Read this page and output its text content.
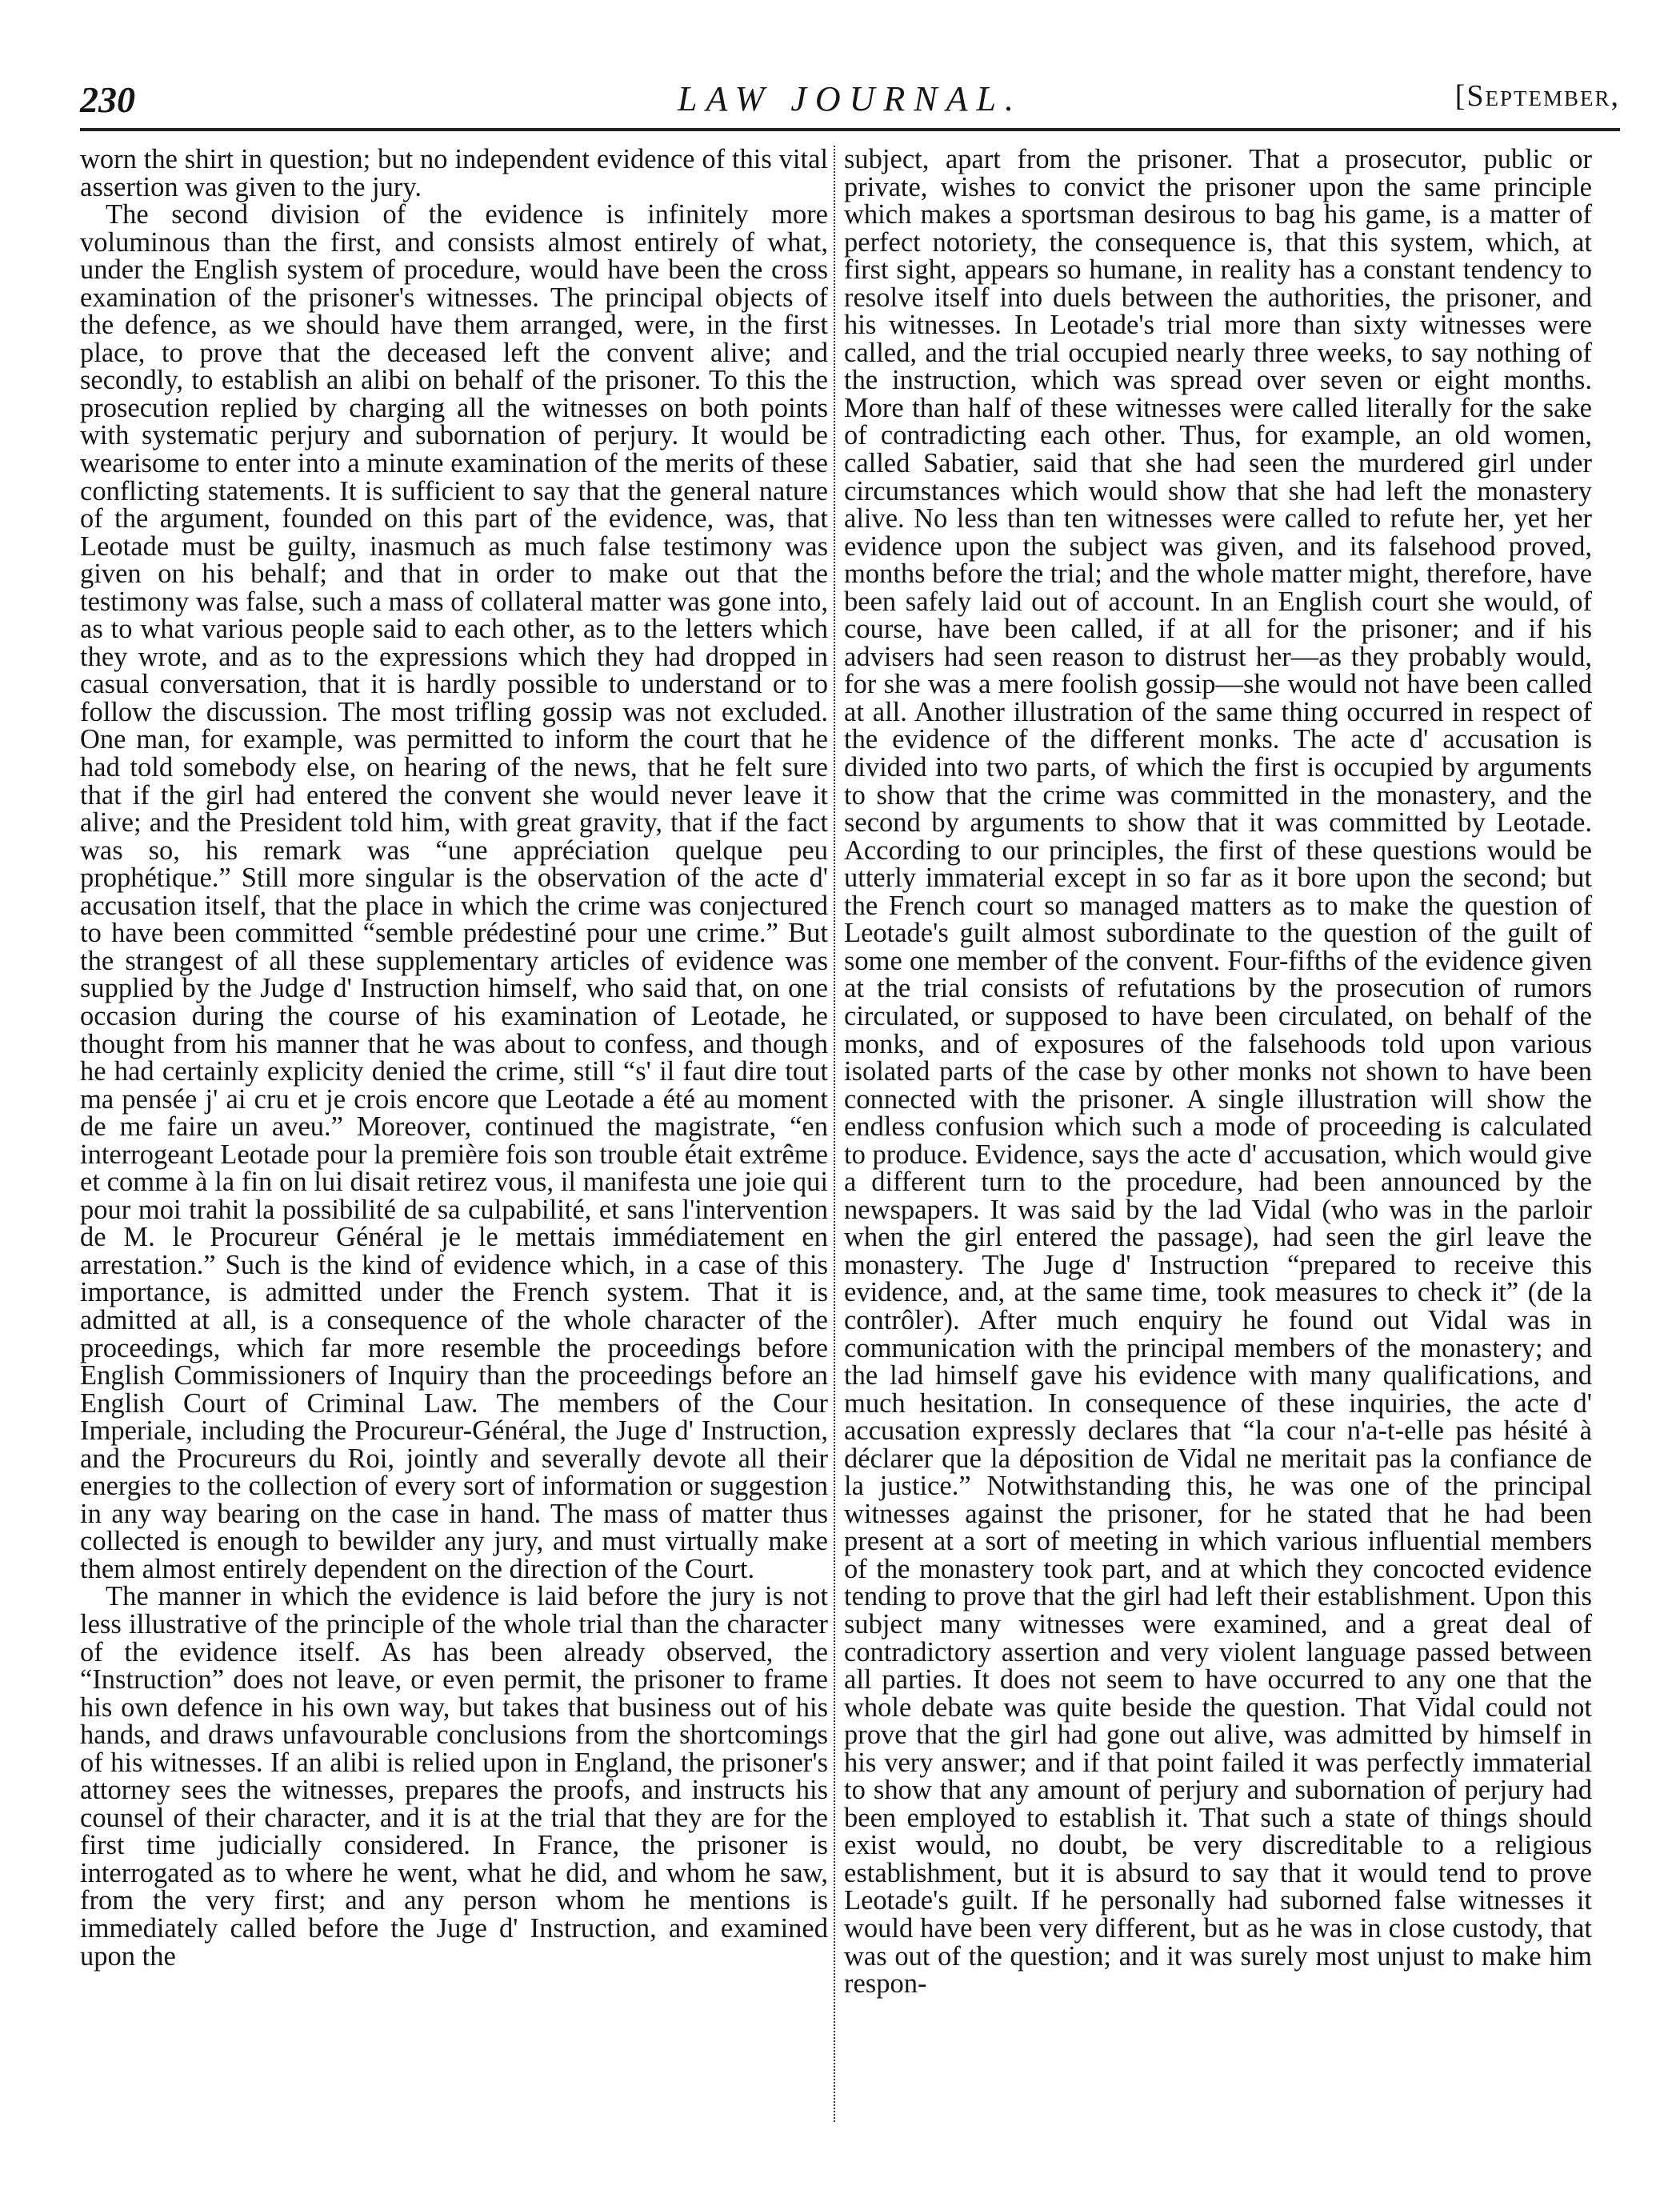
230	LAW JOURNAL.	[September,

worn the shirt in question; but no independent evidence of this vital assertion was given to the jury.

The second division of the evidence is infinitely more voluminous than the first, and consists almost entirely of what, under the English system of procedure, would have been the cross examination of the prisoner's witnesses. The principal objects of the defence, as we should have them arranged, were, in the first place, to prove that the deceased left the convent alive; and secondly, to establish an alibi on behalf of the prisoner. To this the prosecution replied by charging all the witnesses on both points with systematic perjury and subornation of perjury. It would be wearisome to enter into a minute examination of the merits of these conflicting statements. It is sufficient to say that the general nature of the argument, founded on this part of the evidence, was, that Leotade must be guilty, inasmuch as much false testimony was given on his behalf; and that in order to make out that the testimony was false, such a mass of collateral matter was gone into, as to what various people said to each other, as to the letters which they wrote, and as to the expressions which they had dropped in casual conversation, that it is hardly possible to understand or to follow the discussion. The most trifling gossip was not excluded. One man, for example, was permitted to inform the court that he had told somebody else, on hearing of the news, that he felt sure that if the girl had entered the convent she would never leave it alive; and the President told him, with great gravity, that if the fact was so, his remark was “une appréciation quelque peu prophétique.” Still more singular is the observation of the acte d' accusation itself, that the place in which the crime was conjectured to have been committed “semble prédestiné pour une crime.” But the strangest of all these supplementary articles of evidence was supplied by the Judge d' Instruction himself, who said that, on one occasion during the course of his examination of Leotade, he thought from his manner that he was about to confess, and though he had certainly explicity denied the crime, still “s' il faut dire tout ma pensée j' ai cru et je crois encore que Leotade a été au moment de me faire un aveu.” Moreover, continued the magistrate, “en interrogeant Leotade pour la première fois son trouble était extrême et comme à la fin on lui disait retirez vous, il manifesta une joie qui pour moi trahit la possibilité de sa culpabilité, et sans l'intervention de M. le Procureur Général je le mettais immédiatement en arrestation.” Such is the kind of evidence which, in a case of this importance, is admitted under the French system. That it is admitted at all, is a consequence of the whole character of the proceedings, which far more resemble the proceedings before English Commissioners of Inquiry than the proceedings before an English Court of Criminal Law. The members of the Cour Imperiale, including the Procureur-Général, the Juge d' Instruction, and the Procureurs du Roi, jointly and severally devote all their energies to the collection of every sort of information or suggestion in any way bearing on the case in hand. The mass of matter thus collected is enough to bewilder any jury, and must virtually make them almost entirely dependent on the direction of the Court.

The manner in which the evidence is laid before the jury is not less illustrative of the principle of the whole trial than the character of the evidence itself. As has been already observed, the “Instruction” does not leave, or even permit, the prisoner to frame his own defence in his own way, but takes that business out of his hands, and draws unfavourable conclusions from the shortcomings of his witnesses. If an alibi is relied upon in England, the prisoner's attorney sees the witnesses, prepares the proofs, and instructs his counsel of their character, and it is at the trial that they are for the first time judicially considered. In France, the prisoner is interrogated as to where he went, what he did, and whom he saw, from the very first; and any person whom he mentions is immediately called before the Juge d' Instruction, and examined upon the

subject, apart from the prisoner. That a prosecutor, public or private, wishes to convict the prisoner upon the same principle which makes a sportsman desirous to bag his game, is a matter of perfect notoriety, the consequence is, that this system, which, at first sight, appears so humane, in reality has a constant tendency to resolve itself into duels between the authorities, the prisoner, and his witnesses. In Leotade's trial more than sixty witnesses were called, and the trial occupied nearly three weeks, to say nothing of the instruction, which was spread over seven or eight months. More than half of these witnesses were called literally for the sake of contradicting each other. Thus, for example, an old women, called Sabatier, said that she had seen the murdered girl under circumstances which would show that she had left the monastery alive. No less than ten witnesses were called to refute her, yet her evidence upon the subject was given, and its falsehood proved, months before the trial; and the whole matter might, therefore, have been safely laid out of account. In an English court she would, of course, have been called, if at all for the prisoner; and if his advisers had seen reason to distrust her—as they probably would, for she was a mere foolish gossip—she would not have been called at all. Another illustration of the same thing occurred in respect of the evidence of the different monks. The acte d' accusation is divided into two parts, of which the first is occupied by arguments to show that the crime was committed in the monastery, and the second by arguments to show that it was committed by Leotade. According to our principles, the first of these questions would be utterly immaterial except in so far as it bore upon the second; but the French court so managed matters as to make the question of Leotade's guilt almost subordinate to the question of the guilt of some one member of the convent. Four-fifths of the evidence given at the trial consists of refutations by the prosecution of rumors circulated, or supposed to have been circulated, on behalf of the monks, and of exposures of the falsehoods told upon various isolated parts of the case by other monks not shown to have been connected with the prisoner. A single illustration will show the endless confusion which such a mode of proceeding is calculated to produce. Evidence, says the acte d' accusation, which would give a different turn to the procedure, had been announced by the newspapers. It was said by the lad Vidal (who was in the parloir when the girl entered the passage), had seen the girl leave the monastery. The Juge d' Instruction “prepared to receive this evidence, and, at the same time, took measures to check it” (de la contrôler). After much enquiry he found out Vidal was in communication with the principal members of the monastery; and the lad himself gave his evidence with many qualifications, and much hesitation. In consequence of these inquiries, the acte d' accusation expressly declares that “la cour n'a-t-elle pas hésité à déclarer que la déposition de Vidal ne meritait pas la confiance de la justice.” Notwithstanding this, he was one of the principal witnesses against the prisoner, for he stated that he had been present at a sort of meeting in which various influential members of the monastery took part, and at which they concocted evidence tending to prove that the girl had left their establishment. Upon this subject many witnesses were examined, and a great deal of contradictory assertion and very violent language passed between all parties. It does not seem to have occurred to any one that the whole debate was quite beside the question. That Vidal could not prove that the girl had gone out alive, was admitted by himself in his very answer; and if that point failed it was perfectly immaterial to show that any amount of perjury and subornation of perjury had been employed to establish it. That such a state of things should exist would, no doubt, be very discreditable to a religious establishment, but it is absurd to say that it would tend to prove Leotade's guilt. If he personally had suborned false witnesses it would have been very different, but as he was in close custody, that was out of the question; and it was surely most unjust to make him respon-
